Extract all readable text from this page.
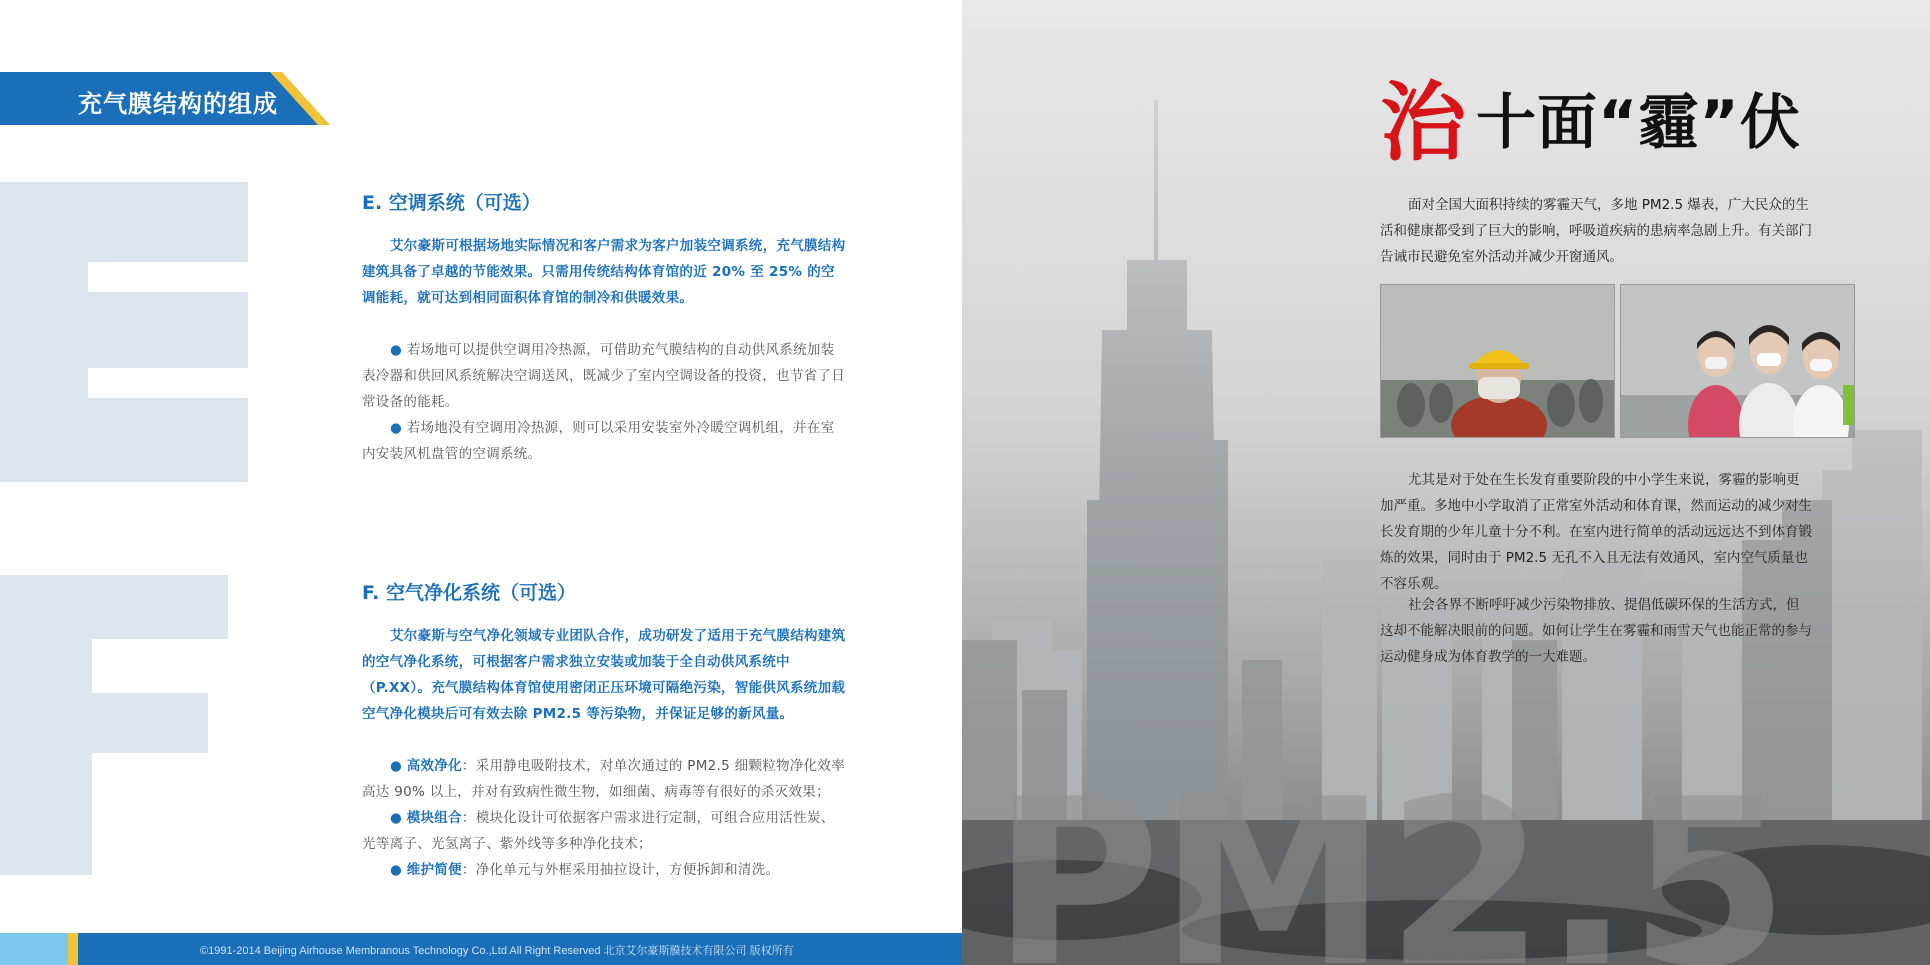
充气膜结构的组成
E. 空调系统（可选）

艾尔豪斯可根据场地实际情况和客户需求为客户加装空调系统，充气膜结构建筑具备了卓越的节能效果。只需用传统结构体育馆的近 20% 至 25% 的空调能耗，就可达到相同面积体育馆的制冷和供暖效果。

● 若场地可以提供空调用冷热源，可借助充气膜结构的自动供风系统加装表冷器和供回风系统解决空调送风，既减少了室内空调设备的投资，也节省了日常设备的能耗。

● 若场地没有空调用冷热源，则可以采用安装室外冷暖空调机组，并在室内安装风机盘管的空调系统。

F. 空气净化系统（可选）

艾尔豪斯与空气净化领域专业团队合作，成功研发了适用于充气膜结构建筑的空气净化系统，可根据客户需求独立安装或加装于全自动供风系统中（P.XX）。充气膜结构体育馆使用密闭正压环境可隔绝污染，智能供风系统加载空气净化模块后可有效去除 PM2.5 等污染物，并保证足够的新风量。

● 高效净化：采用静电吸附技术，对单次通过的 PM2.5 细颗粒物净化效率高达 90% 以上，并对有致病性微生物，如细菌、病毒等有很好的杀灭效果；

● 模块组合：模块化设计可依据客户需求进行定制，可组合应用活性炭、光等离子、光氢离子、紫外线等多种净化技术；

● 维护简便：净化单元与外框采用抽拉设计，方便拆卸和清洗。

©1991-2014 Beijing Airhouse Membranous Technology Co.,Ltd All Right Reserved 北京艾尔豪斯膜技术有限公司 版权所有 PM2.5
治 十面“霾”伏

面对全国大面积持续的雾霾天气，多地 PM2.5 爆表，广大民众的生活和健康都受到了巨大的影响，呼吸道疾病的患病率急剧上升。有关部门告诫市民避免室外活动并减少开窗通风。

尤其是对于处在生长发育重要阶段的中小学生来说，雾霾的影响更加严重。多地中小学取消了正常室外活动和体育课，然而运动的减少对生长发育期的少年儿童十分不利。在室内进行简单的活动远远达不到体育锻炼的效果，同时由于 PM2.5 无孔不入且无法有效通风，室内空气质量也不容乐观。

社会各界不断呼吁减少污染物排放、提倡低碳环保的生活方式，但这却不能解决眼前的问题。如何让学生在雾霾和雨雪天气也能正常的参与运动健身成为体育教学的一大难题。
